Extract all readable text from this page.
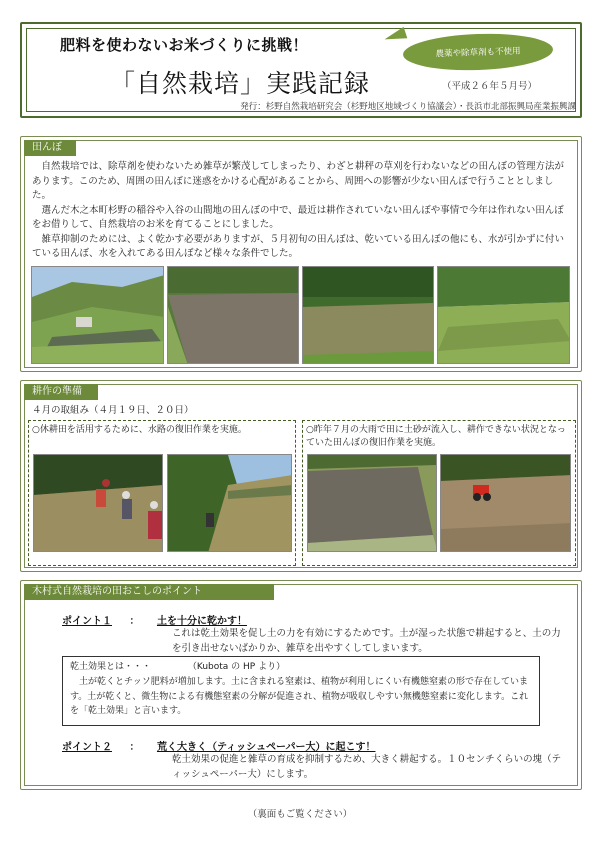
肥料を使わないお米づくりに挑戦！	農薬や除草剤も不使用
「自然栽培」実践記録	（平成２６年５月号）
発行：杉野自然栽培研究会（杉野地区地域づくり協議会）・長浜市北部振興局産業振興課
田んぼ

自然栽培では、除草剤を使わないため雑草が繁茂してしまったり、わざと耕秤の草刈を行わないなどの田んぼの管理方法があります。このため、周囲の田んぼに迷惑をかける心配があることから、周囲への影響が少ない田んぼで行うこととしました。

選んだ木之本町杉野の稲谷や入谷の山間地の田んぼの中で、最近は耕作されていない田んぼや事情で今年は作れない田んぼをお借りして、自然栽培のお米を育てることにしました。

雑草抑制のためには、よく乾かす必要がありますが、５月初旬の田んぼは、乾いている田んぼの他にも、水が引かずに付いている田んぼ、水を入れてある田んぼなど様々な条件でした。

耕作の準備
４月の取組み（４月１９日、２０日）
○休耕田を活用するために、水路の復旧作業を実施。	○昨年７月の大雨で田に土砂が流入し、耕作できない状況となっていた田んぼの復旧作業を実施。
木村式自然栽培の田おこしのポイント
ポイント１ ： 土を十分に乾かす！
これは乾土効果を促し土の力を有効にするためです。土が湿った状態で耕起すると、土の力を引き出せないばかりか、雑草を出やすくしてしまいます。
乾土効果とは・・・	（Kubota の HP より）
土が乾くとチッソ肥料が増加します。土に含まれる窒素は、植物が利用しにくい有機態窒素の形で存在しています。土が乾くと、微生物による有機態窒素の分解が促進され、植物が吸収しやすい無機態窒素に変化します。これを「乾土効果」と言います。
ポイント２ ： 荒く大きく（ティッシュペーパー大）に起こす！
乾土効果の促進と雑草の育成を抑制するため、大きく耕起する。１０センチくらいの塊（ティッシュペーパー大）にします。
（裏面もご覧ください）
